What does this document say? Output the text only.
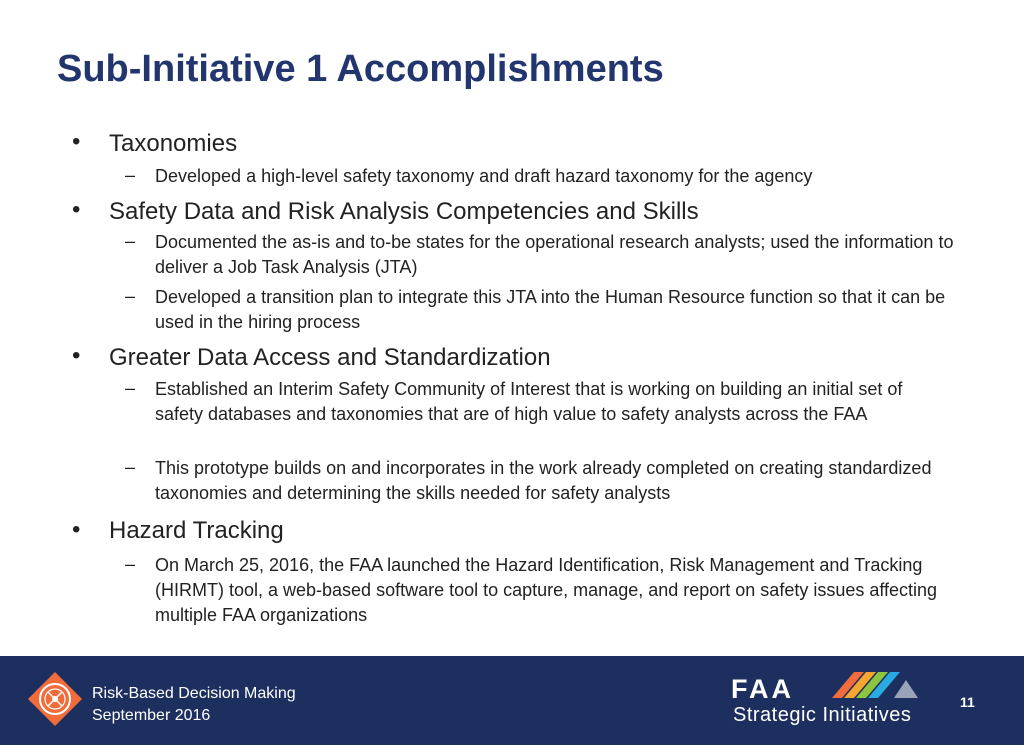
Sub-Initiative 1 Accomplishments
• Taxonomies
– Developed a high-level safety taxonomy and draft hazard taxonomy for the agency
• Safety Data and Risk Analysis Competencies and Skills
– Documented the as-is and to-be states for the operational research analysts; used the information to deliver a Job Task Analysis (JTA)
– Developed a transition plan to integrate this JTA into the Human Resource function so that it can be used in the hiring process
• Greater Data Access and Standardization
– Established an Interim Safety Community of Interest that is working on building an initial set of safety databases and taxonomies that are of high value to safety analysts across the FAA
– This prototype builds on and incorporates in the work already completed on creating standardized taxonomies and determining the skills needed for safety analysts
• Hazard Tracking
– On March 25, 2016, the FAA launched the Hazard Identification, Risk Management and Tracking (HIRMT) tool, a web-based software tool to capture, manage, and report on safety issues affecting multiple FAA organizations
Risk-Based Decision Making
September 2016
FAA
Strategic Initiatives
11
